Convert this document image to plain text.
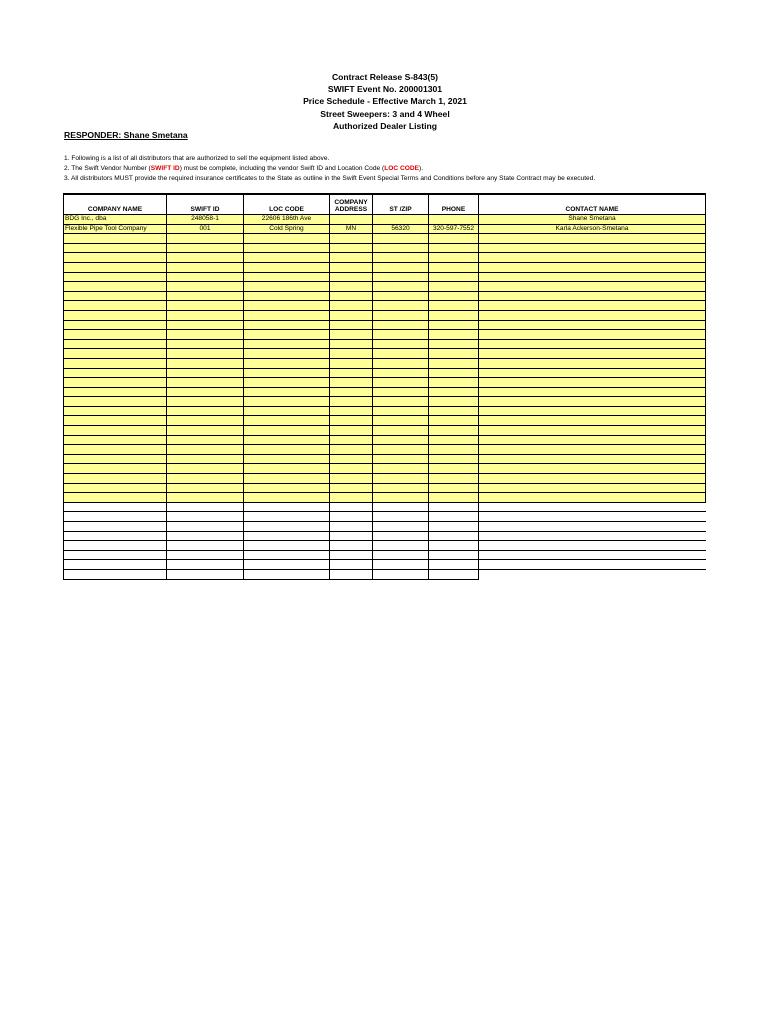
Contract Release S-843(5)
SWIFT Event No. 200001301
Price Schedule - Effective March 1, 2021
Street Sweepers: 3 and 4 Wheel
Authorized Dealer Listing
RESPONDER: Shane Smetana
1. Following is a list of all distributors that are authorized to sell the equipment listed above.
2. The Swift Vendor Number (SWIFT ID) must be complete, including the vendor Swift ID and Location Code (LOC CODE).
3. All distributors MUST provide the required insurance certificates to the State as outline in the Swift Event Special Terms and Conditions before any State Contract may be executed.
COMPANY NAME	SWIFT ID	LOC CODE	COMPANY ADDRESS	ST /ZIP	PHONE	CONTACT NAME
BDG Inc., dba	248058-1	22606 186th Ave				Shane Smetana
Flexible Pipe Tool Company	001	Cold Spring	MN	56320	320-597-7552	Karla Ackerson-Smetana
